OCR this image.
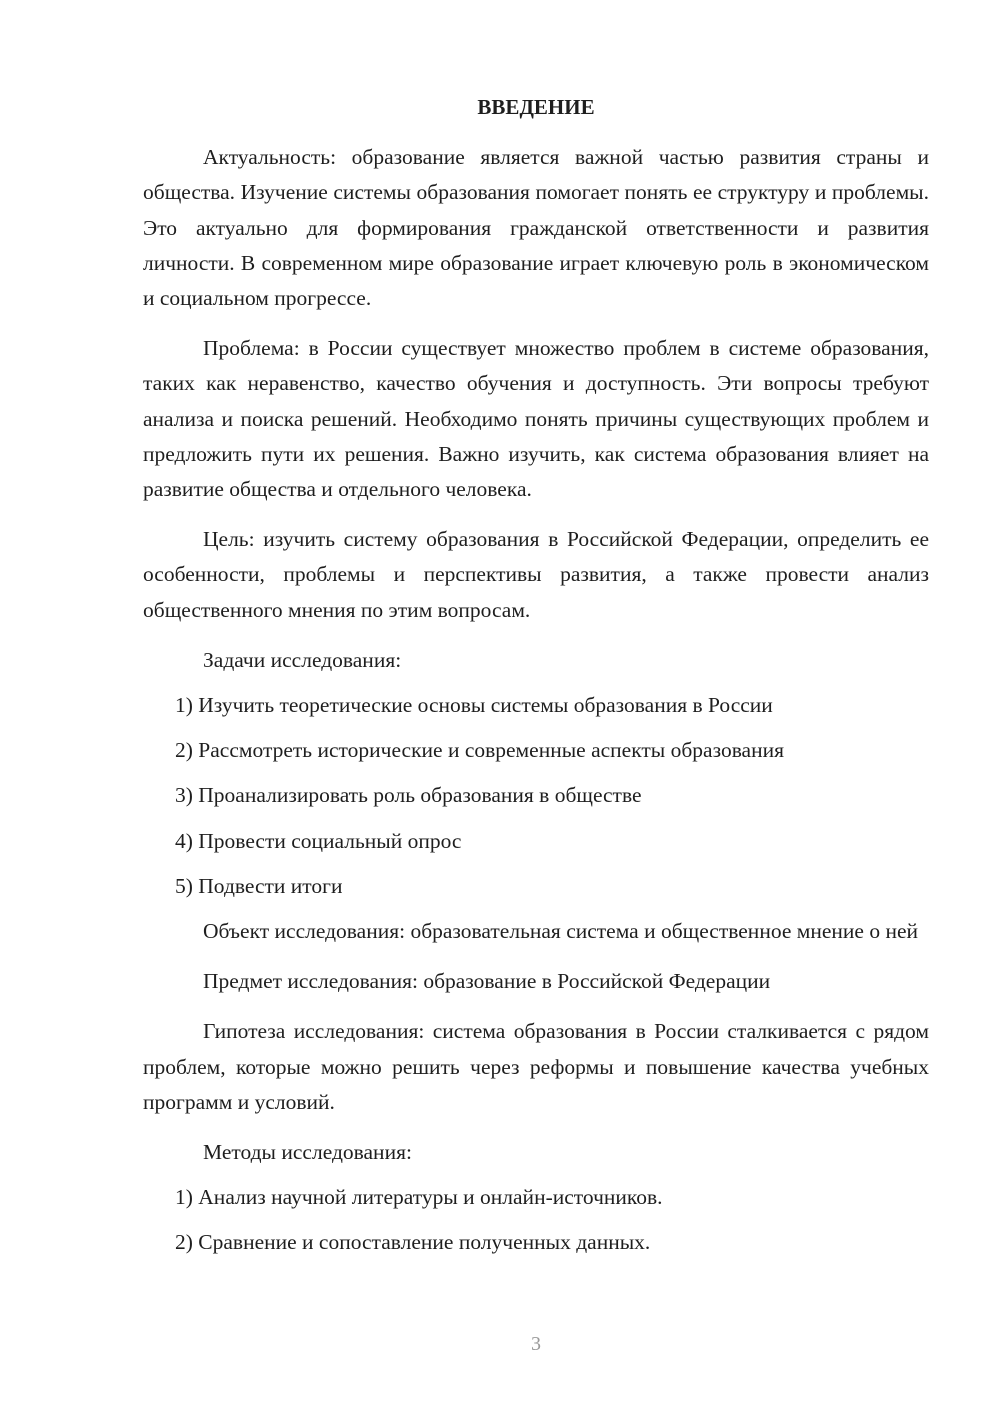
ВВЕДЕНИЕ

Актуальность: образование является важной частью развития страны и общества. Изучение системы образования помогает понять ее структуру и проблемы. Это актуально для формирования гражданской ответственности и развития личности. В современном мире образование играет ключевую роль в экономическом и социальном прогрессе.

Проблема: в России существует множество проблем в системе образования, таких как неравенство, качество обучения и доступность. Эти вопросы требуют анализа и поиска решений. Необходимо понять причины существующих проблем и предложить пути их решения. Важно изучить, как система образования влияет на развитие общества и отдельного человека.

Цель: изучить систему образования в Российской Федерации, определить ее особенности, проблемы и перспективы развития, а также провести анализ общественного мнения по этим вопросам.

Задачи исследования:

1) Изучить теоретические основы системы образования в России

2) Рассмотреть исторические и современные аспекты образования

3) Проанализировать роль образования в обществе

4) Провести социальный опрос

5) Подвести итоги

Объект исследования: образовательная система и общественное мнение о ней

Предмет исследования: образование в Российской Федерации

Гипотеза исследования: система образования в России сталкивается с рядом проблем, которые можно решить через реформы и повышение качества учебных программ и условий.

Методы исследования:

1) Анализ научной литературы и онлайн-источников.

2) Сравнение и сопоставление полученных данных.

3
